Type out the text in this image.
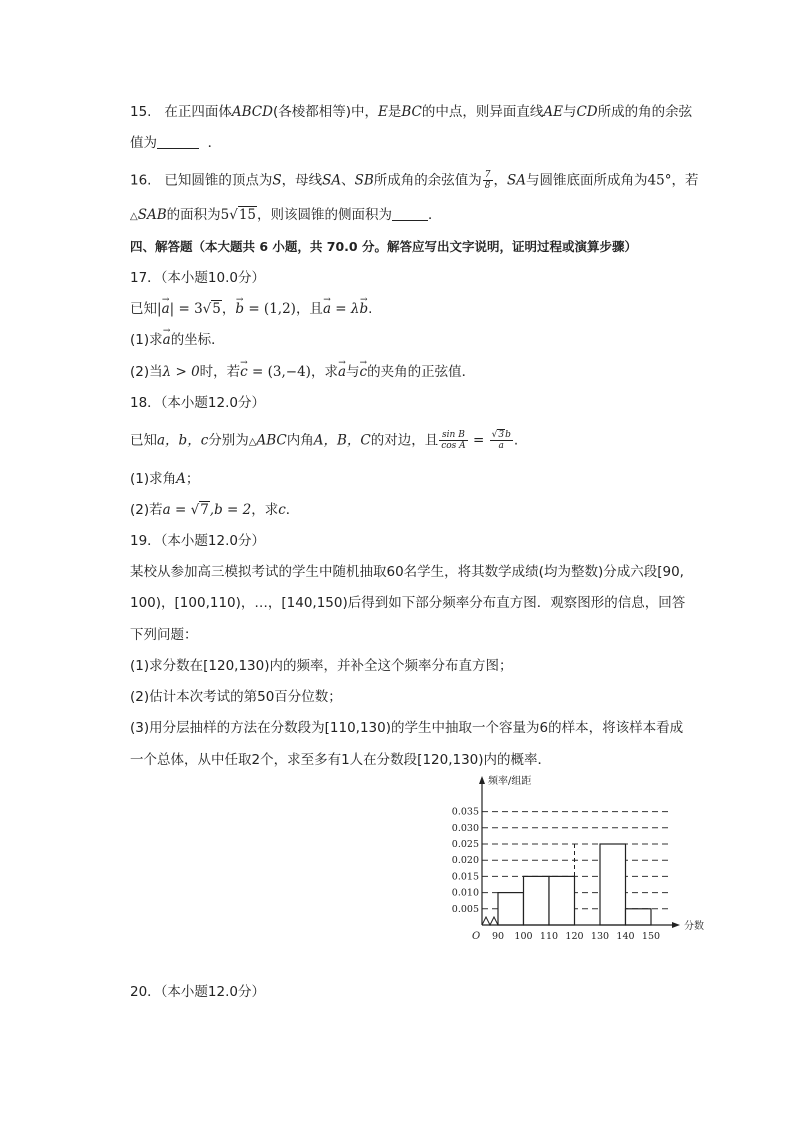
15. 在正四面体ABCD(各棱都相等)中，E是BC的中点，则异面直线AE与CD所成的角的余弦
值为	．
16. 已知圆锥的顶点为S，母线SA、SB所成角的余弦值为 $\frac{7}{8}$ ，SA与圆锥底面所成角为45°，若
△SAB的面积为5√15，则该圆锥的侧面积为	．
四、解答题（本大题共 6 小题，共 70.0 分。解答应写出文字说明，证明过程或演算步骤）
17．（本小题10.0分）
已知|→ a| = 3√5，→ b = (1,2)，且→ a = λ→ b.
(1)求→ a的坐标．
(2)当λ > 0时，若→ c = (3,−4)，求→ a与→ c的夹角的正弦值．
18．（本小题12.0分）
已知a，b，c分别为△ABC内角A，B，C的对边，且 $\frac{\text{sin B}}{\text{cos A}} = \frac{√3b}{a}$ .
(1)求角A；
(2)若a = √7,b = 2，求c．
19．（本小题12.0分）
某校从参加高三模拟考试的学生中随机抽取60名学生，将其数学成绩(均为整数)分成六段[90,
100)，[100,110)，…，[140,150)后得到如下部分频率分布直方图．观察图形的信息，回答
下列问题：
(1)求分数在[120,130)内的频率，并补全这个频率分布直方图；
(2)估计本次考试的第50百分位数；
(3)用分层抽样的方法在分数段为[110,130)的学生中抽取一个容量为6的样本，将该样本看成
一个总体，从中任取2个，求至多有1人在分数段[120,130)内的概率．
0.005
0.010
0.015
0.020
0.025
0.030
0.035
90 100 110 120 130 140 150
O
频率/组距
分数
20．（本小题12.0分）
